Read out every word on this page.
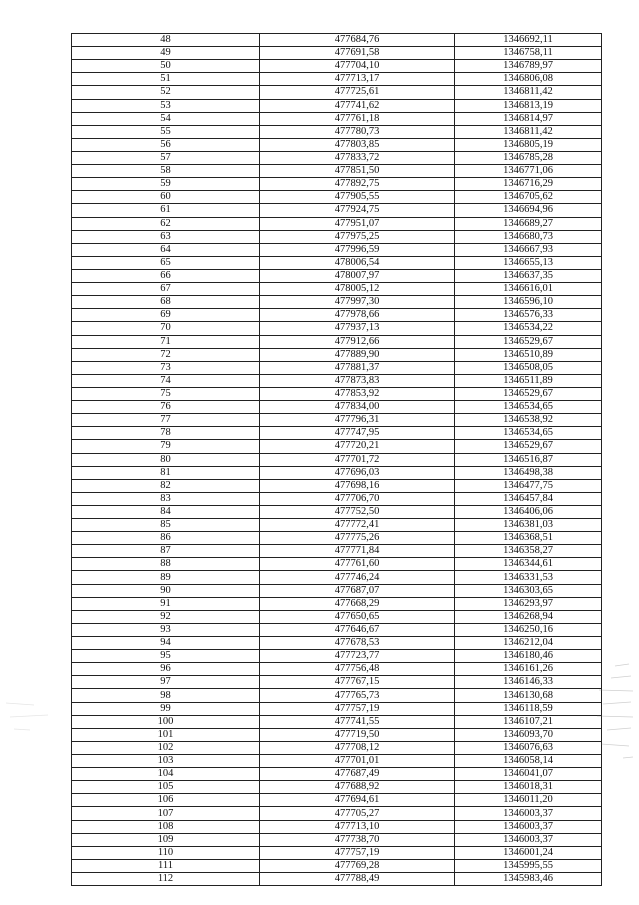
48	477684,76	1346692,11
49	477691,58	1346758,11
50	477704,10	1346789,97
51	477713,17	1346806,08
52	477725,61	1346811,42
53	477741,62	1346813,19
54	477761,18	1346814,97
55	477780,73	1346811,42
56	477803,85	1346805,19
57	477833,72	1346785,28
58	477851,50	1346771,06
59	477892,75	1346716,29
60	477905,55	1346705,62
61	477924,75	1346694,96
62	477951,07	1346689,27
63	477975,25	1346680,73
64	477996,59	1346667,93
65	478006,54	1346655,13
66	478007,97	1346637,35
67	478005,12	1346616,01
68	477997,30	1346596,10
69	477978,66	1346576,33
70	477937,13	1346534,22
71	477912,66	1346529,67
72	477889,90	1346510,89
73	477881,37	1346508,05
74	477873,83	1346511,89
75	477853,92	1346529,67
76	477834,00	1346534,65
77	477796,31	1346538,92
78	477747,95	1346534,65
79	477720,21	1346529,67
80	477701,72	1346516,87
81	477696,03	1346498,38
82	477698,16	1346477,75
83	477706,70	1346457,84
84	477752,50	1346406,06
85	477772,41	1346381,03
86	477775,26	1346368,51
87	477771,84	1346358,27
88	477761,60	1346344,61
89	477746,24	1346331,53
90	477687,07	1346303,65
91	477668,29	1346293,97
92	477650,65	1346268,94
93	477646,67	1346250,16
94	477678,53	1346212,04
95	477723,77	1346180,46
96	477756,48	1346161,26
97	477767,15	1346146,33
98	477765,73	1346130,68
99	477757,19	1346118,59
100	477741,55	1346107,21
101	477719,50	1346093,70
102	477708,12	1346076,63
103	477701,01	1346058,14
104	477687,49	1346041,07
105	477688,92	1346018,31
106	477694,61	1346011,20
107	477705,27	1346003,37
108	477713,10	1346003,37
109	477738,70	1346003,37
110	477757,19	1346001,24
111	477769,28	1345995,55
112	477788,49	1345983,46
